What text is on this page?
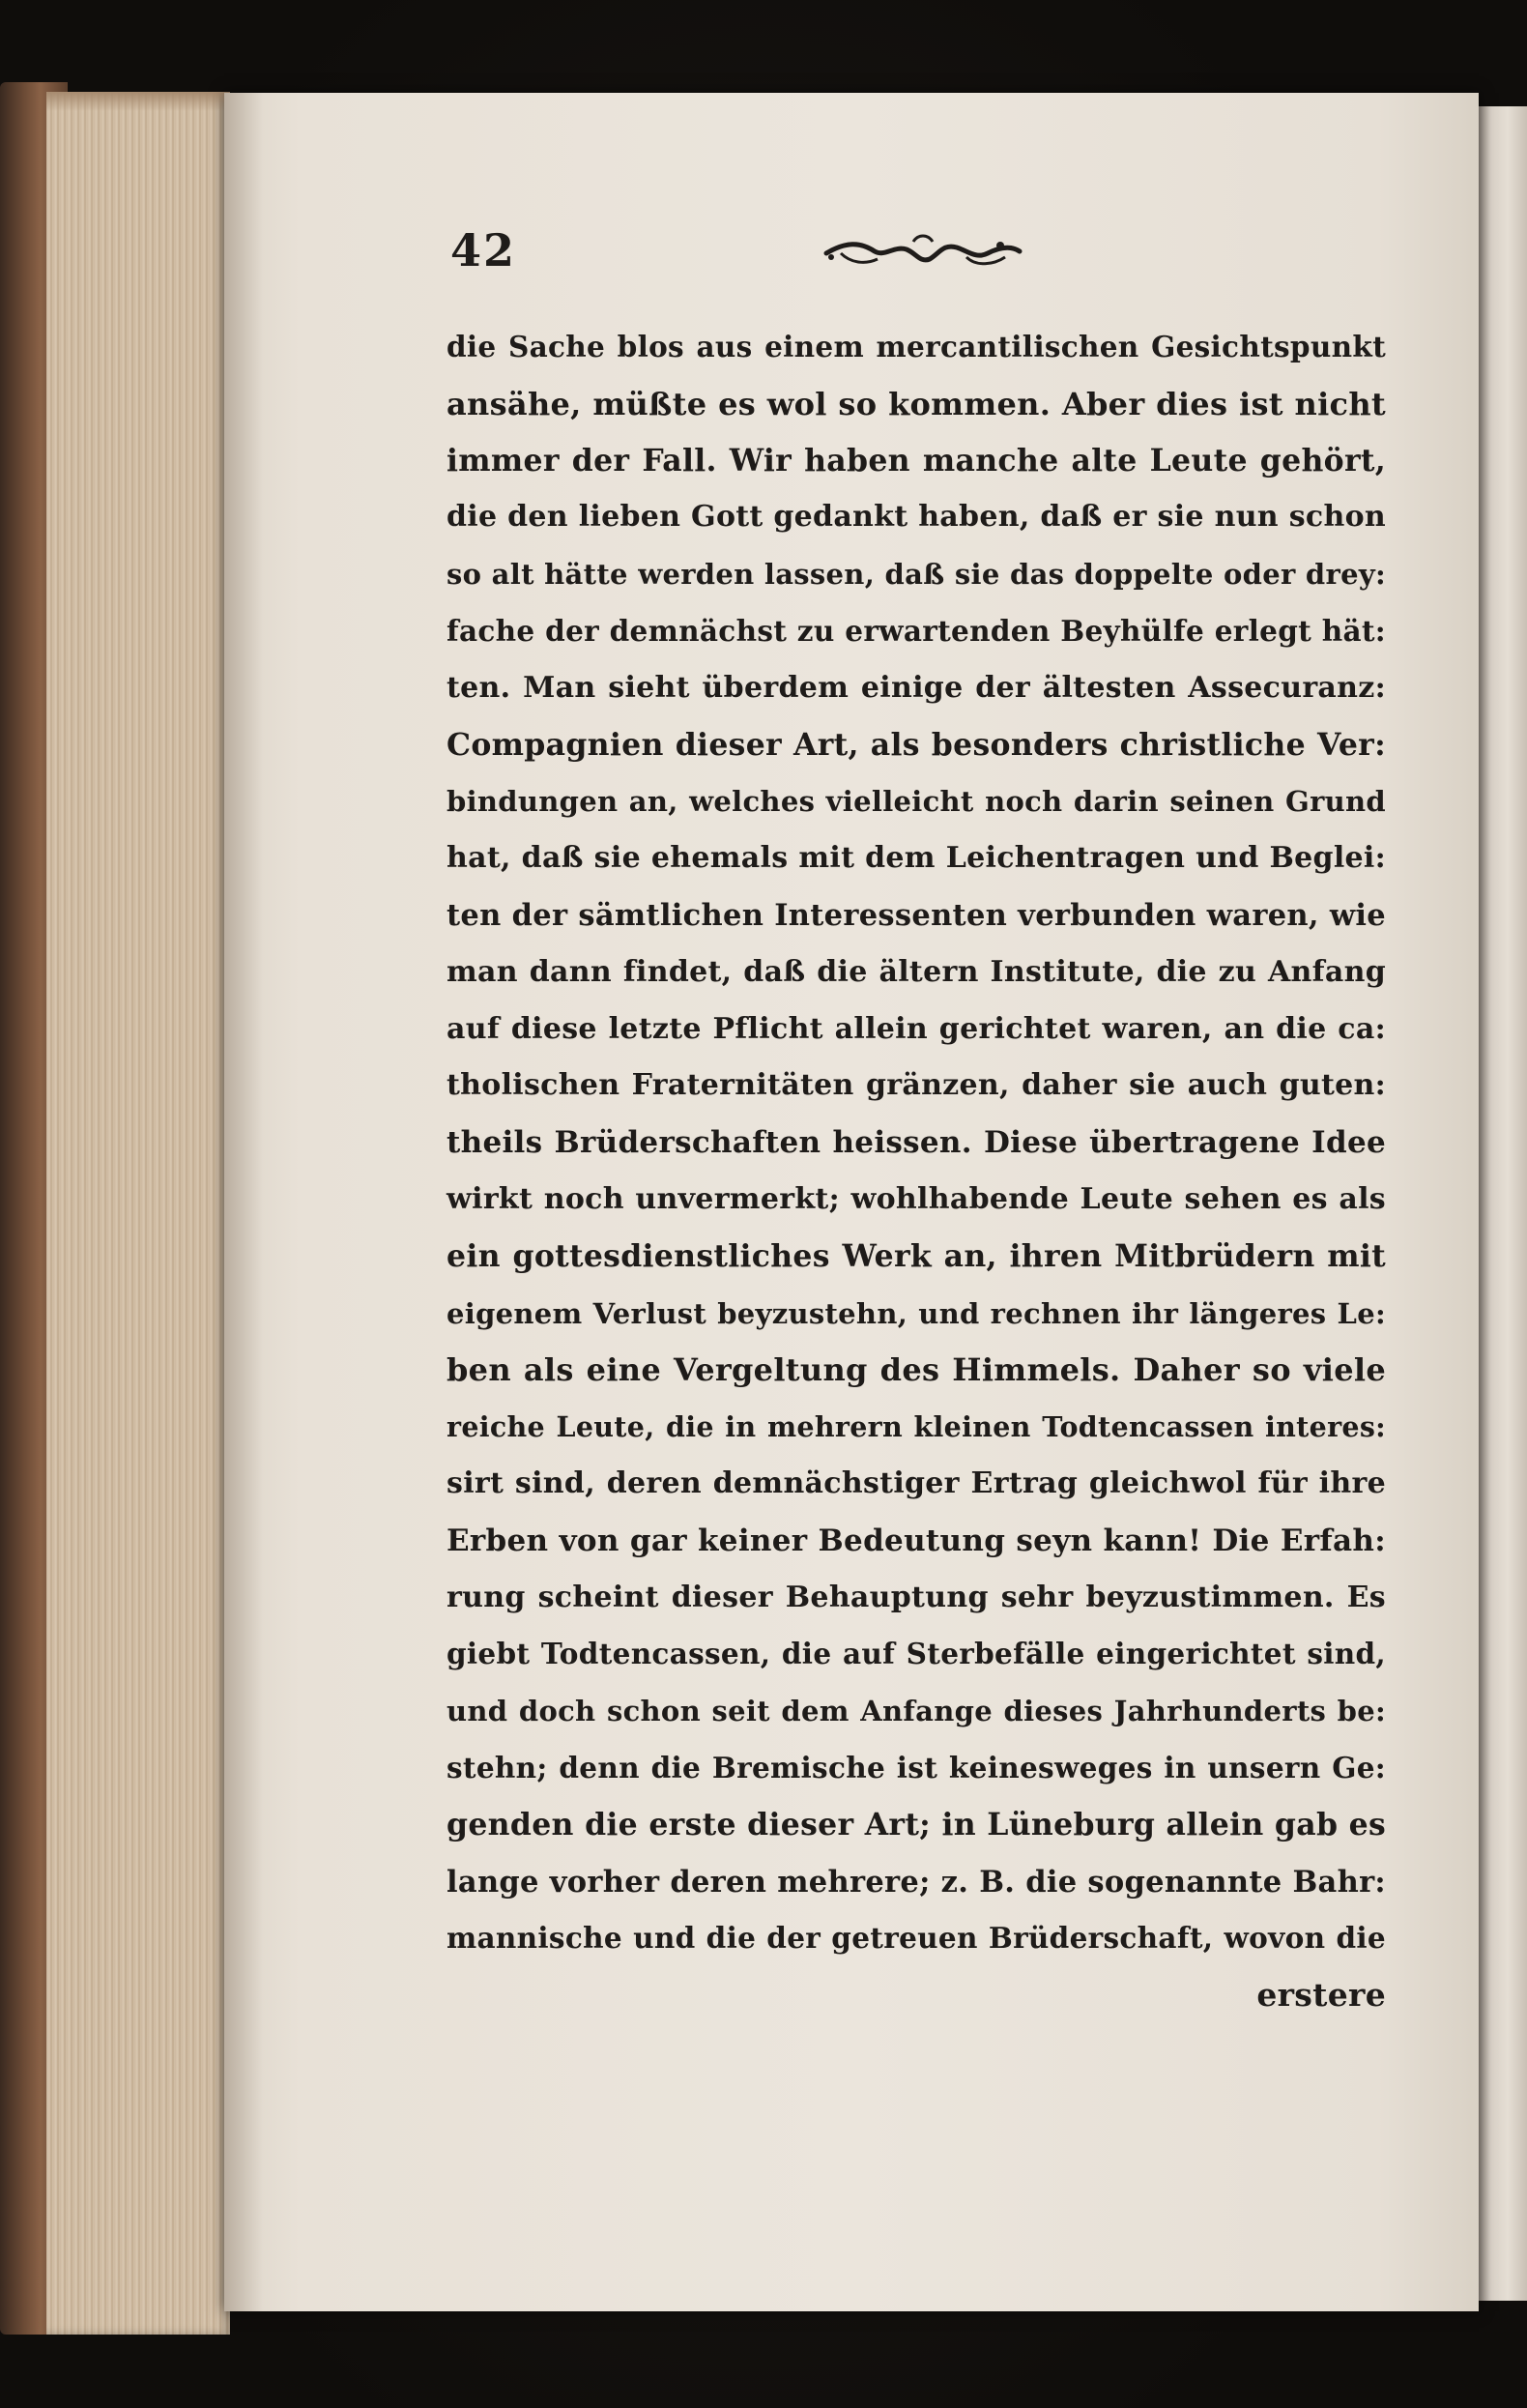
42
die Sache blos aus einem mercantilischen Gesichtspunkt
ansähe, müßte es wol so kommen. Aber dies ist nicht
immer der Fall. Wir haben manche alte Leute gehört,
die den lieben Gott gedankt haben, daß er sie nun schon
so alt hätte werden lassen, daß sie das doppelte oder drey:
fache der demnächst zu erwartenden Beyhülfe erlegt hät:
ten. Man sieht überdem einige der ältesten Assecuranz:
Compagnien dieser Art, als besonders christliche Ver:
bindungen an, welches vielleicht noch darin seinen Grund
hat, daß sie ehemals mit dem Leichentragen und Beglei:
ten der sämtlichen Interessenten verbunden waren, wie
man dann findet, daß die ältern Institute, die zu Anfang
auf diese letzte Pflicht allein gerichtet waren, an die ca:
tholischen Fraternitäten gränzen, daher sie auch guten:
theils Brüderschaften heissen. Diese übertragene Idee
wirkt noch unvermerkt; wohlhabende Leute sehen es als
ein gottesdienstliches Werk an, ihren Mitbrüdern mit
eigenem Verlust beyzustehn, und rechnen ihr längeres Le:
ben als eine Vergeltung des Himmels. Daher so viele
reiche Leute, die in mehrern kleinen Todtencassen interes:
sirt sind, deren demnächstiger Ertrag gleichwol für ihre
Erben von gar keiner Bedeutung seyn kann! Die Erfah:
rung scheint dieser Behauptung sehr beyzustimmen. Es
giebt Todtencassen, die auf Sterbefälle eingerichtet sind,
und doch schon seit dem Anfange dieses Jahrhunderts be:
stehn; denn die Bremische ist keinesweges in unsern Ge:
genden die erste dieser Art; in Lüneburg allein gab es
lange vorher deren mehrere; z. B. die sogenannte Bahr:
mannische und die der getreuen Brüderschaft, wovon die
erstere
